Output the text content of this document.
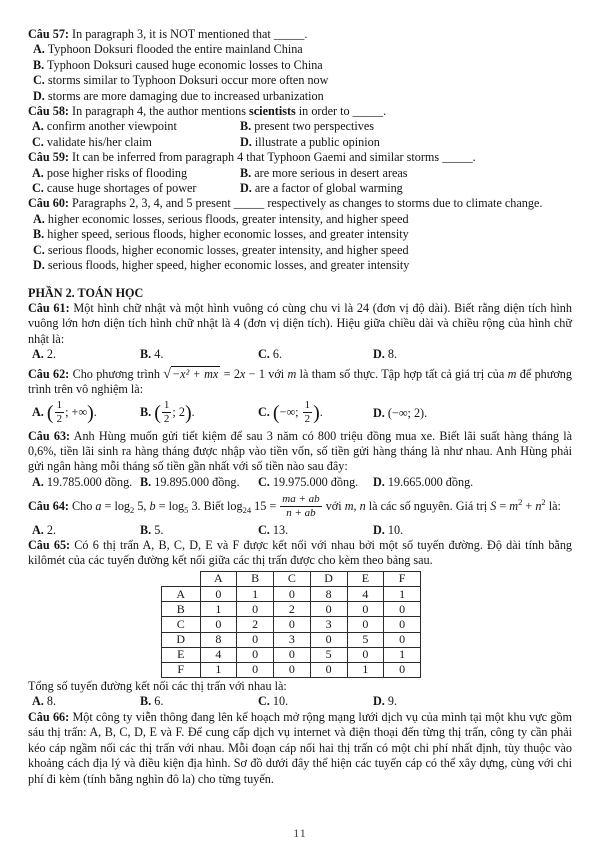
Câu 57: In paragraph 3, it is NOT mentioned that _____.

A. Typhoon Doksuri flooded the entire mainland China

B. Typhoon Doksuri caused huge economic losses to China

C. storms similar to Typhoon Doksuri occur more often now

D. storms are more damaging due to increased urbanization

Câu 58: In paragraph 4, the author mentions scientists in order to _____.

A. confirm another viewpoint	B. present two perspectives

C. validate his/her claim	D. illustrate a public opinion

Câu 59: It can be inferred from paragraph 4 that Typhoon Gaemi and similar storms _____.

A. pose higher risks of flooding	B. are more serious in desert areas

C. cause huge shortages of power	D. are a factor of global warming

Câu 60: Paragraphs 2, 3, 4, and 5 present _____ respectively as changes to storms due to climate change.

A. higher economic losses, serious floods, greater intensity, and higher speed

B. higher speed, serious floods, higher economic losses, and greater intensity

C. serious floods, higher economic losses, greater intensity, and higher speed

D. serious floods, higher speed, higher economic losses, and greater intensity

PHẦN 2. TOÁN HỌC

Câu 61: Một hình chữ nhật và một hình vuông có cùng chu vi là 24 (đơn vị độ dài). Biết rằng diện tích hình vuông lớn hơn diện tích hình chữ nhật là 4 (đơn vị diện tích). Hiệu giữa chiều dài và chiều rộng của hình chữ nhật là:

A. 2.	B. 4.	C. 6.	D. 8.

Câu 62: Cho phương trình √−x² + mx = 2x − 1 với m là tham số thực. Tập hợp tất cả giá trị của m để phương trình trên vô nghiệm là:

A. ( $\frac{1}{2}$ ; +∞).	B. ( $\frac{1}{2}$ ; 2).	C. (−∞; $\frac{1}{2}$ ).	D. (−∞; 2).

Câu 63: Anh Hùng muốn gửi tiết kiệm để sau 3 năm có 800 triệu đồng mua xe. Biết lãi suất hàng tháng là 0,6%, tiền lãi sinh ra hàng tháng được nhập vào tiền vốn, số tiền gửi hàng tháng là như nhau. Anh Hùng phải gửi ngân hàng mỗi tháng số tiền gần nhất với số tiền nào sau đây:

A. 19.785.000 đồng. B. 19.895.000 đồng.	C. 19.975.000 đồng.	D. 19.665.000 đồng.

Câu 64: Cho $a = \log_2 5$, $b = \log_5 3$. Biết $\log_{24} 15 = \frac{ma + ab}{n + ab}$ với m, n là các số nguyên. Giá trị $S = m^2 + n^2$ là:

A. 2.	B. 5.	C. 13.	D. 10.

Câu 65: Có 6 thị trấn A, B, C, D, E và F được kết nối với nhau bởi một số tuyến đường. Độ dài tính bằng kilômét của các tuyến đường kết nối giữa các thị trấn được cho kèm theo bảng sau.

	A	B	C	D	E	F
A	0	1	0	8	4	1
B	1	0	2	0	0	0
C	0	2	0	3	0	0
D	8	0	3	0	5	0
E	4	0	0	5	0	1
F	1	0	0	0	1	0

Tổng số tuyến đường kết nối các thị trấn với nhau là:

A. 8.	B. 6.	C. 10.	D. 9.

Câu 66: Một công ty viễn thông đang lên kế hoạch mở rộng mạng lưới dịch vụ của mình tại một khu vực gồm sáu thị trấn: A, B, C, D, E và F. Để cung cấp dịch vụ internet và điện thoại đến từng thị trấn, công ty cần phải kéo cáp ngầm nối các thị trấn với nhau. Mỗi đoạn cáp nối hai thị trấn có một chi phí nhất định, tùy thuộc vào khoảng cách địa lý và điều kiện địa hình. Sơ đồ dưới đây thể hiện các tuyến cáp có thể xây dựng, cùng với chi phí đi kèm (tính bằng nghìn đô la) cho từng tuyến.

11
